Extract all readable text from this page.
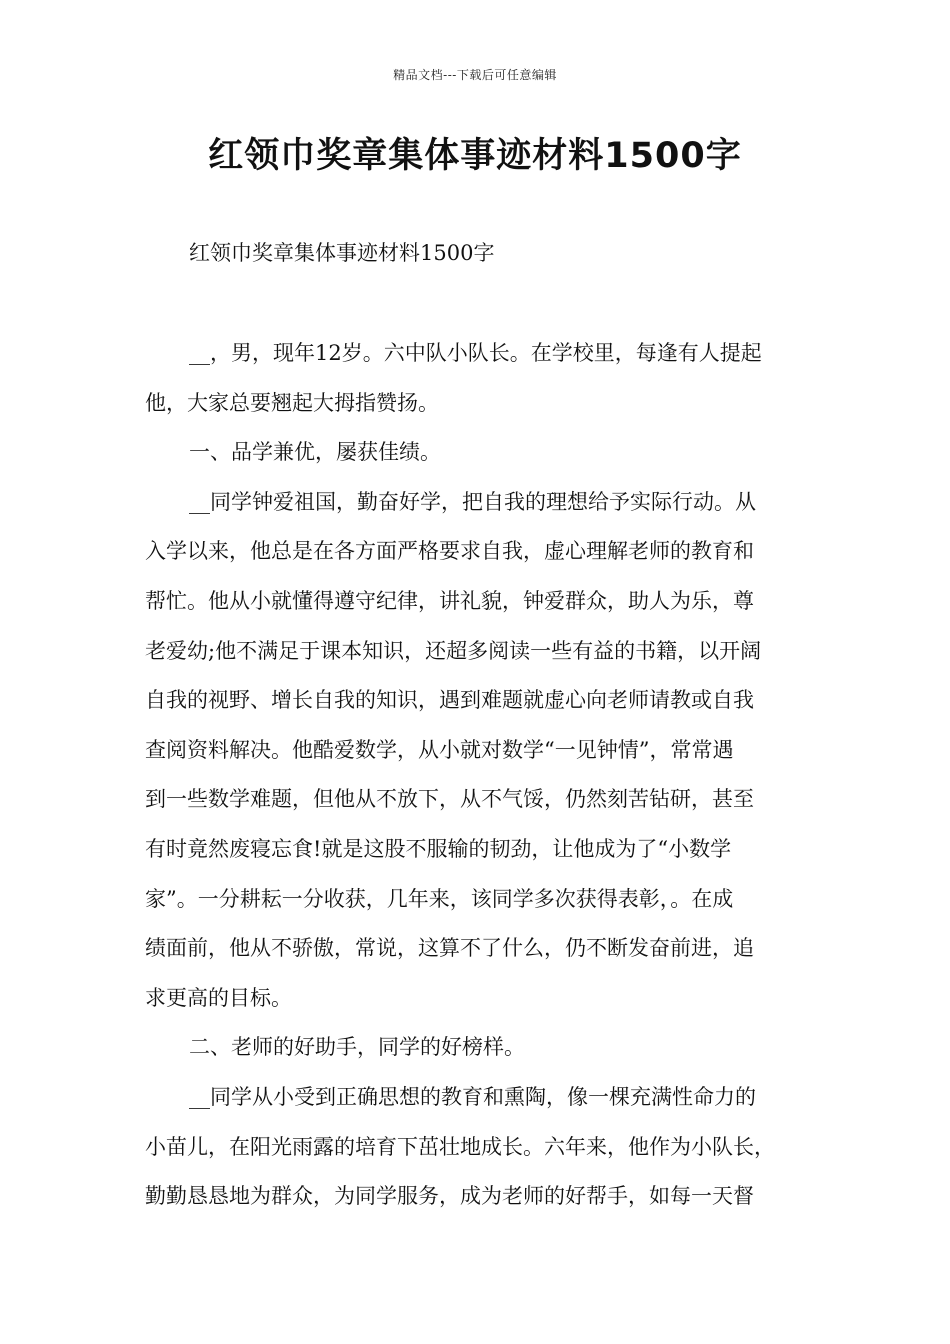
精品文档---下载后可任意编辑
红领巾奖章集体事迹材料1500字
红领巾奖章集体事迹材料1500字
__，男，现年12岁。六中队小队长。在学校里，每逢有人提起
他，大家总要翘起大拇指赞扬。
一、品学兼优，屡获佳绩。
__同学钟爱祖国，勤奋好学，把自我的理想给予实际行动。从
入学以来，他总是在各方面严格要求自我，虚心理解老师的教育和
帮忙。他从小就懂得遵守纪律，讲礼貌，钟爱群众，助人为乐，尊
老爱幼;他不满足于课本知识，还超多阅读一些有益的书籍，以开阔
自我的视野、增长自我的知识，遇到难题就虚心向老师请教或自我
查阅资料解决。他酷爱数学，从小就对数学“一见钟情”，常常遇
到一些数学难题，但他从不放下，从不气馁，仍然刻苦钻研，甚至
有时竟然废寝忘食!就是这股不服输的韧劲，让他成为了“小数学
家”。一分耕耘一分收获，几年来，该同学多次获得表彰，。在成
绩面前，他从不骄傲，常说，这算不了什么，仍不断发奋前进，追
求更高的目标。
二、老师的好助手，同学的好榜样。
__同学从小受到正确思想的教育和熏陶，像一棵充满性命力的
小苗儿，在阳光雨露的培育下茁壮地成长。六年来，他作为小队长，
勤勤恳恳地为群众，为同学服务，成为老师的好帮手，如每一天督
